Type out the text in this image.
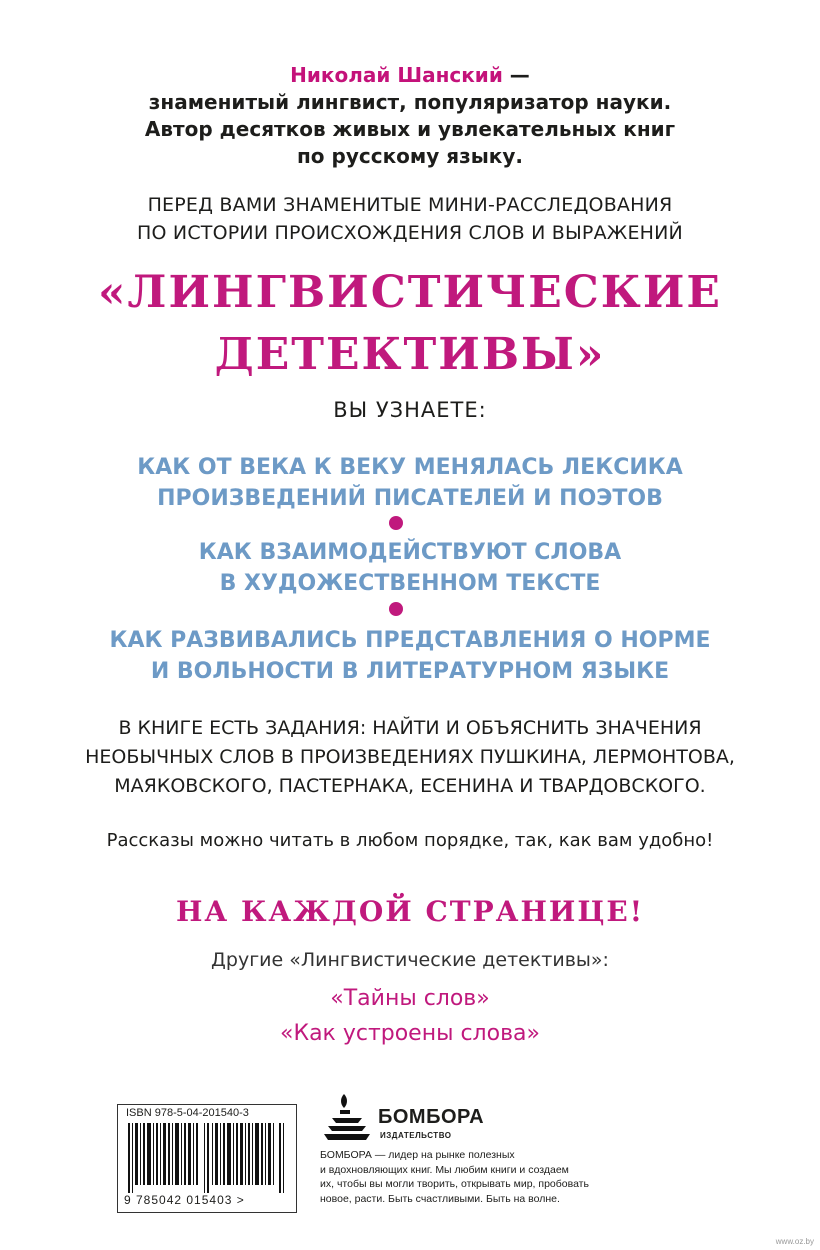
Николай Шанский —
знаменитый лингвист, популяризатор науки.
Автор десятков живых и увлекательных книг
по русскому языку.
ПЕРЕД ВАМИ ЗНАМЕНИТЫЕ МИНИ-РАССЛЕДОВАНИЯ
ПО ИСТОРИИ ПРОИСХОЖДЕНИЯ СЛОВ И ВЫРАЖЕНИЙ
«ЛИНГВИСТИЧЕСКИЕ
ДЕТЕКТИВЫ»
ВЫ УЗНАЕТЕ:
КАК ОТ ВЕКА К ВЕКУ МЕНЯЛАСЬ ЛЕКСИКА
ПРОИЗВЕДЕНИЙ ПИСАТЕЛЕЙ И ПОЭТОВ
КАК ВЗАИМОДЕЙСТВУЮТ СЛОВА
В ХУДОЖЕСТВЕННОМ ТЕКСТЕ
КАК РАЗВИВАЛИСЬ ПРЕДСТАВЛЕНИЯ О НОРМЕ
И ВОЛЬНОСТИ В ЛИТЕРАТУРНОМ ЯЗЫКЕ
В КНИГЕ ЕСТЬ ЗАДАНИЯ: НАЙТИ И ОБЪЯСНИТЬ ЗНАЧЕНИЯ
НЕОБЫЧНЫХ СЛОВ В ПРОИЗВЕДЕНИЯХ ПУШКИНА, ЛЕРМОНТОВА,
МАЯКОВСКОГО, ПАСТЕРНАКА, ЕСЕНИНА И ТВАРДОВСКОГО.
Рассказы можно читать в любом порядке, так, как вам удобно!
НА КАЖДОЙ СТРАНИЦЕ!
Другие «Лингвистические детективы»:
«Тайны слов»
«Как устроены слова»
ISBN 978-5-04-201540-3
9 785042 015403 >
БОМБОРА
ИЗДАТЕЛЬСТВО
БОМБОРА — лидер на рынке полезных
и вдохновляющих книг. Мы любим книги и создаем
их, чтобы вы могли творить, открывать мир, пробовать
новое, расти. Быть счастливыми. Быть на волне.
www.oz.by
